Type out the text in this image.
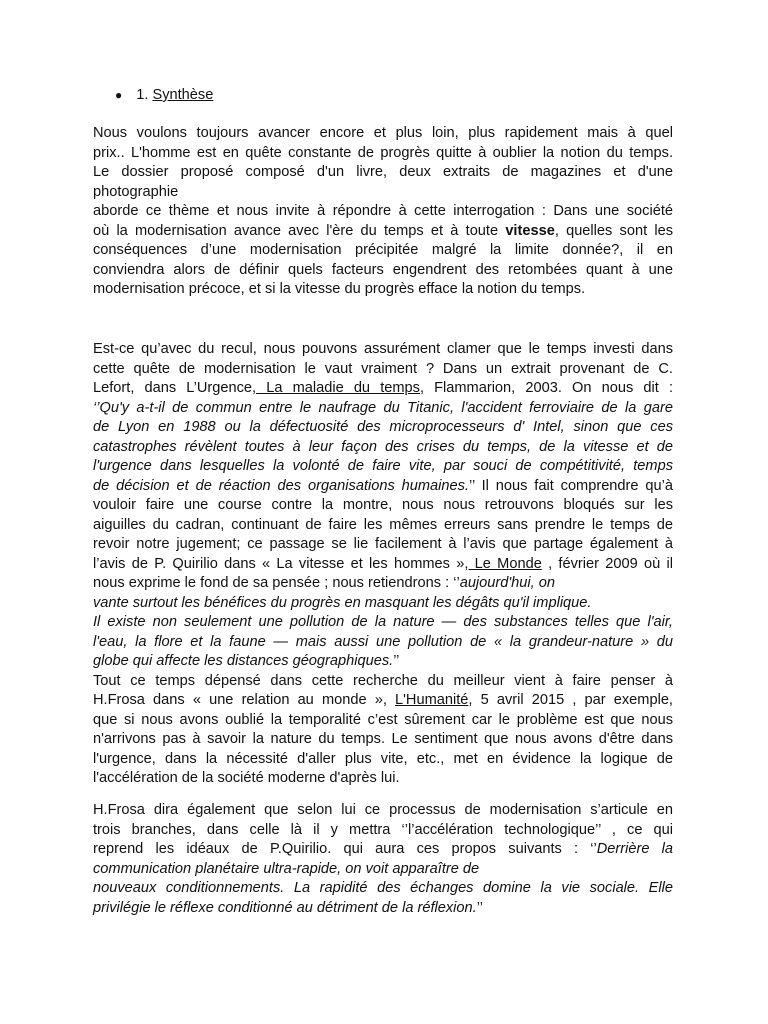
● 1. Synthèse
Nous voulons toujours avancer encore et plus loin, plus rapidement mais à quel
prix.. L'homme est en quête constante de progrès quitte à oublier la notion du temps.
Le dossier proposé composé d'un livre, deux extraits de magazines et d'une
photographie
aborde ce thème et nous invite à répondre à cette interrogation : Dans une société
où la modernisation avance avec l'ère du temps et à toute vitesse, quelles sont les
conséquences d’une modernisation précipitée malgré la limite donnée?, il en
conviendra alors de définir quels facteurs engendrent des retombées quant à une
modernisation précoce, et si la vitesse du progrès efface la notion du temps.
Est-ce qu’avec du recul, nous pouvons assurément clamer que le temps investi dans
cette quête de modernisation le vaut vraiment ? Dans un extrait provenant de C.
Lefort, dans L’Urgence, La maladie du temps, Flammarion, 2003. On nous dit :
‘’Qu'y a-t-il de commun entre le naufrage du Titanic, l'accident ferroviaire de la gare
de Lyon en 1988 ou la défectuosité des microprocesseurs d' Intel, sinon que ces
catastrophes révèlent toutes à leur façon des crises du temps, de la vitesse et de
l'urgence dans lesquelles la volonté de faire vite, par souci de compétitivité, temps
de décision et de réaction des organisations humaines.’’ Il nous fait comprendre qu’à
vouloir faire une course contre la montre, nous nous retrouvons bloqués sur les
aiguilles du cadran, continuant de faire les mêmes erreurs sans prendre le temps de
revoir notre jugement; ce passage se lie facilement à l’avis que partage également à
l’avis de P. Quirilio dans « La vitesse et les hommes », Le Monde , février 2009 où il
nous exprime le fond de sa pensée ; nous retiendrons : ‘’aujourd'hui, on
vante surtout les bénéfices du progrès en masquant les dégâts qu'il implique.
Il existe non seulement une pollution de la nature — des substances telles que l'air,
l'eau, la flore et la faune — mais aussi une pollution de « la grandeur-nature » du
globe qui affecte les distances géographiques.’’
Tout ce temps dépensé dans cette recherche du meilleur vient à faire penser à
H.Frosa dans « une relation au monde », L'Humanité, 5 avril 2015 , par exemple,
que si nous avons oublié la temporalité c’est sûrement car le problème est que nous
n'arrivons pas à savoir la nature du temps. Le sentiment que nous avons d'être dans
l'urgence, dans la nécessité d'aller plus vite, etc., met en évidence la logique de
l'accélération de la société moderne d'après lui.
H.Frosa dira également que selon lui ce processus de modernisation s’articule en
trois branches, dans celle là il y mettra ‘’l’accélération technologique’’ , ce qui
reprend les idéaux de P.Quirilio. qui aura ces propos suivants : ‘’Derrière la
communication planétaire ultra-rapide, on voit apparaître de
nouveaux conditionnements. La rapidité des échanges domine la vie sociale. Elle
privilégie le réflexe conditionné au détriment de la réflexion.’’
